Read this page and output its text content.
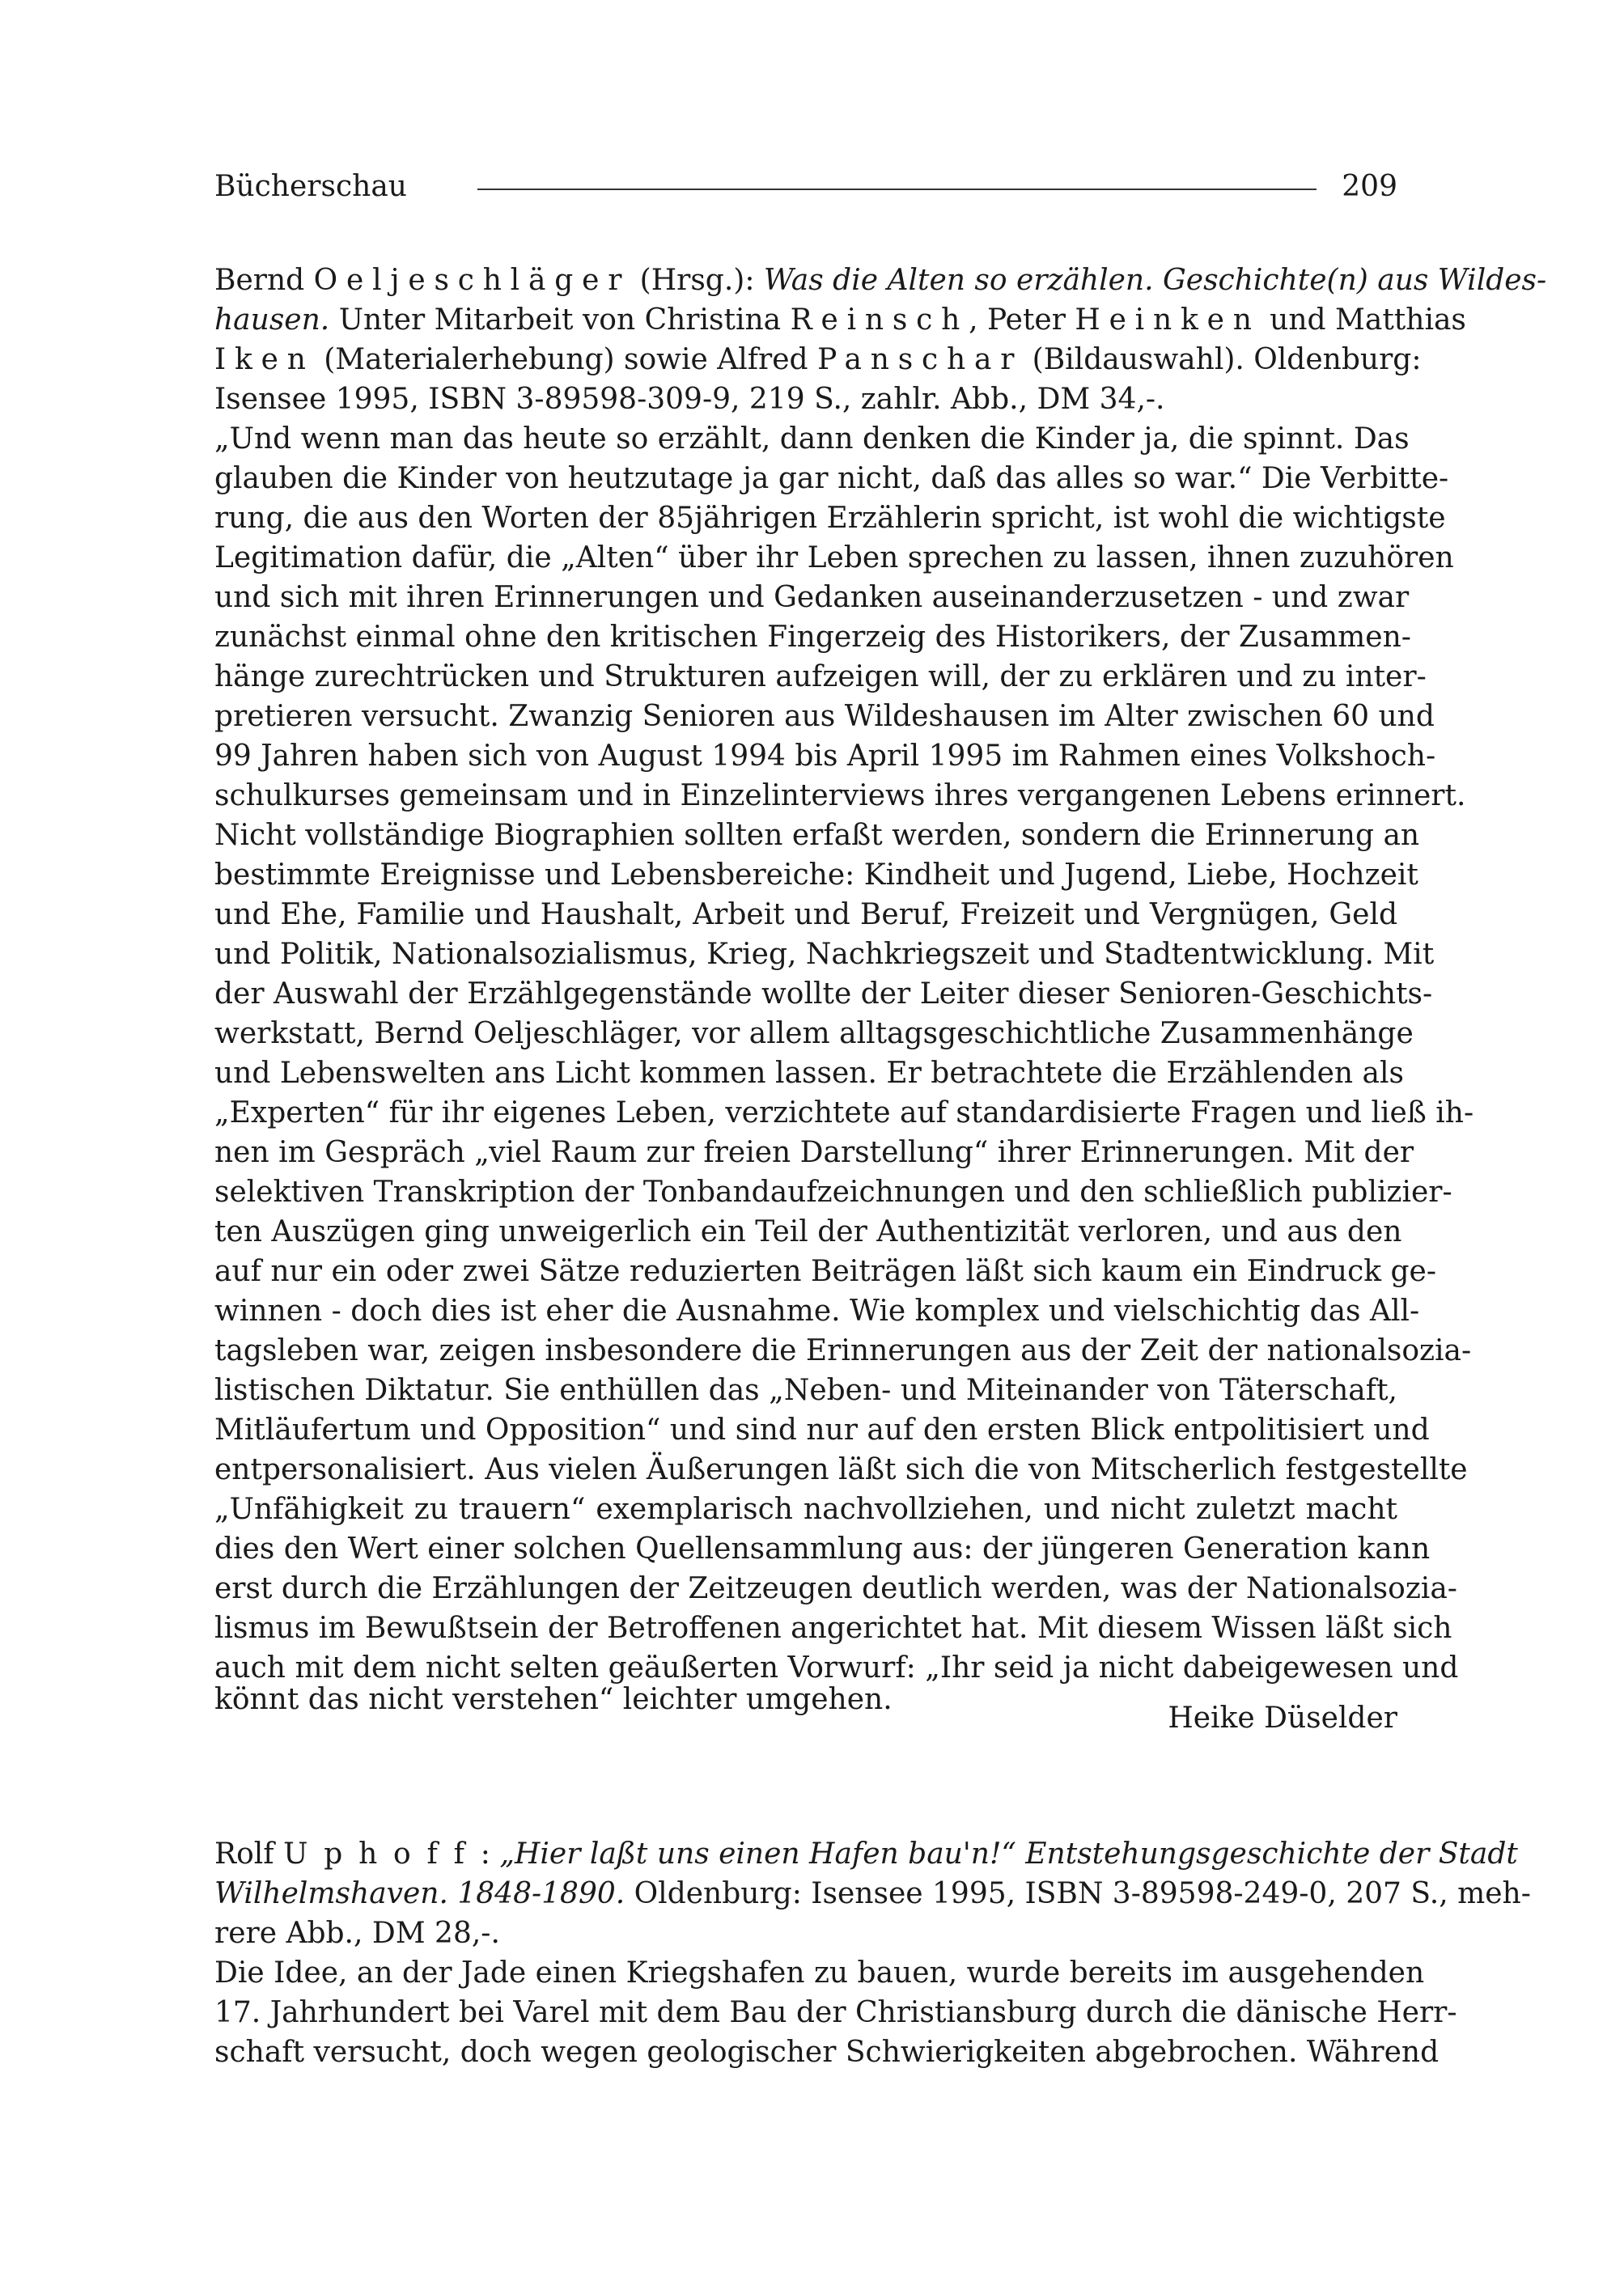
Bücherschau	209
Bernd Oeljeschläger (Hrsg.): Was die Alten so erzählen. Geschichte(n) aus Wildes-
hausen. Unter Mitarbeit von Christina Reinsch, Peter Heinken und Matthias
Iken (Materialerhebung) sowie Alfred Panschar (Bildauswahl). Oldenburg:
Isensee 1995, ISBN 3-89598-309-9, 219 S., zahlr. Abb., DM 34,-.
„Und wenn man das heute so erzählt, dann denken die Kinder ja, die spinnt. Das
glauben die Kinder von heutzutage ja gar nicht, daß das alles so war.“ Die Verbitte-
rung, die aus den Worten der 85jährigen Erzählerin spricht, ist wohl die wichtigste
Legitimation dafür, die „Alten“ über ihr Leben sprechen zu lassen, ihnen zuzuhören
und sich mit ihren Erinnerungen und Gedanken auseinanderzusetzen - und zwar
zunächst einmal ohne den kritischen Fingerzeig des Historikers, der Zusammen-
hänge zurechtrücken und Strukturen aufzeigen will, der zu erklären und zu inter-
pretieren versucht. Zwanzig Senioren aus Wildeshausen im Alter zwischen 60 und
99 Jahren haben sich von August 1994 bis April 1995 im Rahmen eines Volkshoch-
schulkurses gemeinsam und in Einzelinterviews ihres vergangenen Lebens erinnert.
Nicht vollständige Biographien sollten erfaßt werden, sondern die Erinnerung an
bestimmte Ereignisse und Lebensbereiche: Kindheit und Jugend, Liebe, Hochzeit
und Ehe, Familie und Haushalt, Arbeit und Beruf, Freizeit und Vergnügen, Geld
und Politik, Nationalsozialismus, Krieg, Nachkriegszeit und Stadtentwicklung. Mit
der Auswahl der Erzählgegenstände wollte der Leiter dieser Senioren-Geschichts-
werkstatt, Bernd Oeljeschläger, vor allem alltagsgeschichtliche Zusammenhänge
und Lebenswelten ans Licht kommen lassen. Er betrachtete die Erzählenden als
„Experten“ für ihr eigenes Leben, verzichtete auf standardisierte Fragen und ließ ih-
nen im Gespräch „viel Raum zur freien Darstellung“ ihrer Erinnerungen. Mit der
selektiven Transkription der Tonbandaufzeichnungen und den schließlich publizier-
ten Auszügen ging unweigerlich ein Teil der Authentizität verloren, und aus den
auf nur ein oder zwei Sätze reduzierten Beiträgen läßt sich kaum ein Eindruck ge-
winnen - doch dies ist eher die Ausnahme. Wie komplex und vielschichtig das All-
tagsleben war, zeigen insbesondere die Erinnerungen aus der Zeit der nationalsozia-
listischen Diktatur. Sie enthüllen das „Neben- und Miteinander von Täterschaft,
Mitläufertum und Opposition“ und sind nur auf den ersten Blick entpolitisiert und
entpersonalisiert. Aus vielen Äußerungen läßt sich die von Mitscherlich festgestellte
„Unfähigkeit zu trauern“ exemplarisch nachvollziehen, und nicht zuletzt macht
dies den Wert einer solchen Quellensammlung aus: der jüngeren Generation kann
erst durch die Erzählungen der Zeitzeugen deutlich werden, was der Nationalsozia-
lismus im Bewußtsein der Betroffenen angerichtet hat. Mit diesem Wissen läßt sich
auch mit dem nicht selten geäußerten Vorwurf: „Ihr seid ja nicht dabeigewesen und
könnt das nicht verstehen“ leichter umgehen.
Heike Düselder
Rolf Uphoff: „Hier laßt uns einen Hafen bau'n!“ Entstehungsgeschichte der Stadt
Wilhelmshaven. 1848-1890. Oldenburg: Isensee 1995, ISBN 3-89598-249-0, 207 S., meh-
rere Abb., DM 28,-.
Die Idee, an der Jade einen Kriegshafen zu bauen, wurde bereits im ausgehenden
17. Jahrhundert bei Varel mit dem Bau der Christiansburg durch die dänische Herr-
schaft versucht, doch wegen geologischer Schwierigkeiten abgebrochen. Während
